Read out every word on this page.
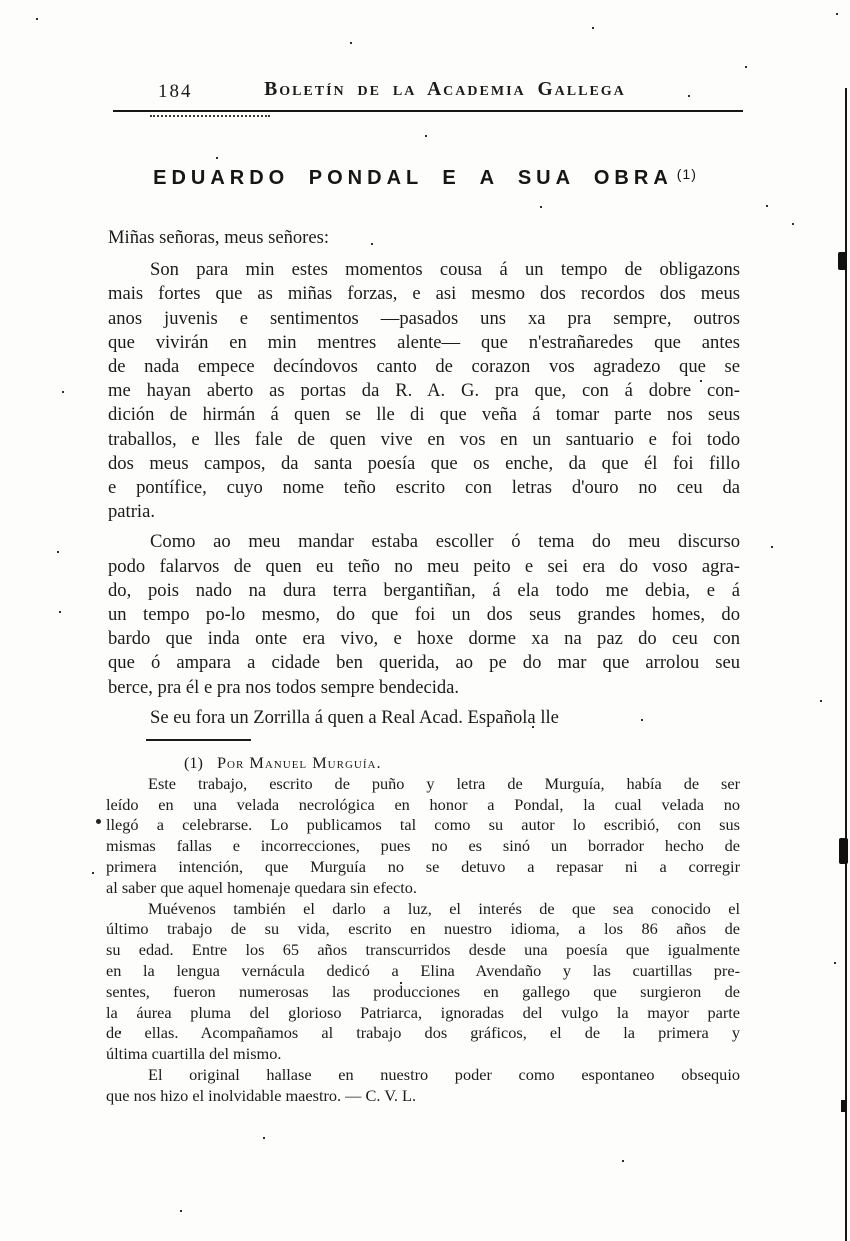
184	Boletín de la Academia Gallega
EDUARDO PONDAL E A SUA OBRA $^{(1)}$

Miñas señoras, meus señores:

Son para min estes momentos cousa á un tempo de obligazons
mais fortes que as miñas forzas, e asi mesmo dos recordos dos meus
anos juvenis e sentimentos —pasados uns xa pra sempre, outros
que vivirán en min mentres alente— que n'estrañaredes que antes
de nada empece decíndovos canto de corazon vos agradezo que se
me hayan aberto as portas da R. A. G. pra que, con á dobre con-
dición de hirmán á quen se lle di que veña á tomar parte nos seus
traballos, e lles fale de quen vive en vos en un santuario e foi todo
dos meus campos, da santa poesía que os enche, da que él foi fillo
e pontífice, cuyo nome teño escrito con letras d'ouro no ceu da
patria.
Como ao meu mandar estaba escoller ó tema do meu discurso
podo falarvos de quen eu teño no meu peito e sei era do voso agra-
do, pois nado na dura terra bergantiñan, á ela todo me debia, e á
un tempo po-lo mesmo, do que foi un dos seus grandes homes, do
bardo que inda onte era vivo, e hoxe dorme xa na paz do ceu con
que ó ampara a cidade ben querida, ao pe do mar que arrolou seu
berce, pra él e pra nos todos sempre bendecida.
Se eu fora un Zorrilla á quen a Real Acad. Española lle
(1) Por Manuel Murguía.
Este trabajo, escrito de puño y letra de Murguía, había de ser
leído en una velada necrológica en honor a Pondal, la cual velada no
llegó a celebrarse. Lo publicamos tal como su autor lo escribió, con sus
mismas fallas e incorrecciones, pues no es sinó un borrador hecho de
primera intención, que Murguía no se detuvo a repasar ni a corregir
al saber que aquel homenaje quedara sin efecto.
Muévenos también el darlo a luz, el interés de que sea conocido el
último trabajo de su vida, escrito en nuestro idioma, a los 86 años de
su edad. Entre los 65 años transcurridos desde una poesía que igualmente
en la lengua vernácula dedicó a Elina Avendaño y las cuartillas pre-
sentes, fueron numerosas las producciones en gallego que surgieron de
la áurea pluma del glorioso Patriarca, ignoradas del vulgo la mayor parte
de ellas. Acompañamos al trabajo dos gráficos, el de la primera y
última cuartilla del mismo.
El original hallase en nuestro poder como espontaneo obsequio
que nos hizo el inolvidable maestro. — C. V. L.
